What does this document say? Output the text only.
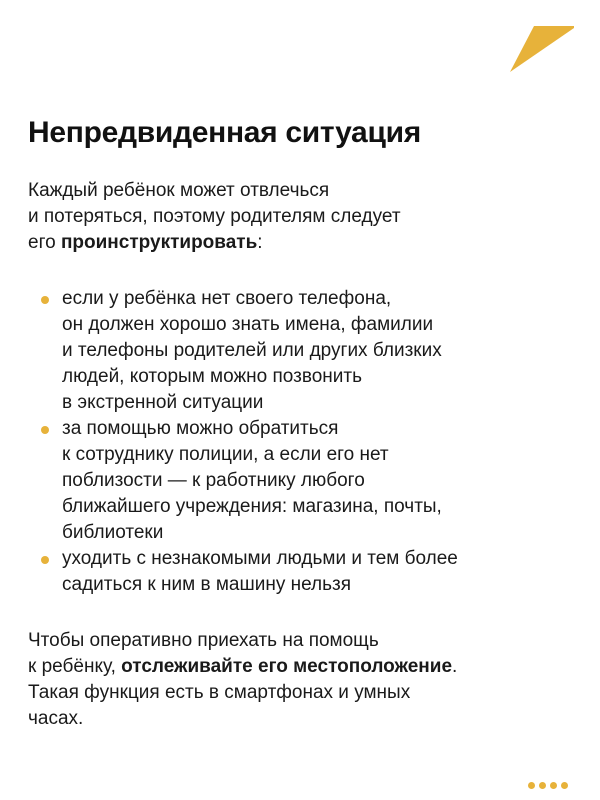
Непредвиденная ситуация

Каждый ребёнок может отвлечься
и потеряться, поэтому родителям следует
его проинструктировать:

если у ребёнка нет своего телефона,
он должен хорошо знать имена, фамилии
и телефоны родителей или других близких
людей, которым можно позвонить
в экстренной ситуации
за помощью можно обратиться
к сотруднику полиции, а если его нет
поблизости — к работнику любого
ближайшего учреждения: магазина, почты,
библиотеки
уходить с незнакомыми людьми и тем более
садиться к ним в машину нельзя

Чтобы оперативно приехать на помощь
к ребёнку, отслеживайте его местоположение.
Такая функция есть в смартфонах и умных
часах.
